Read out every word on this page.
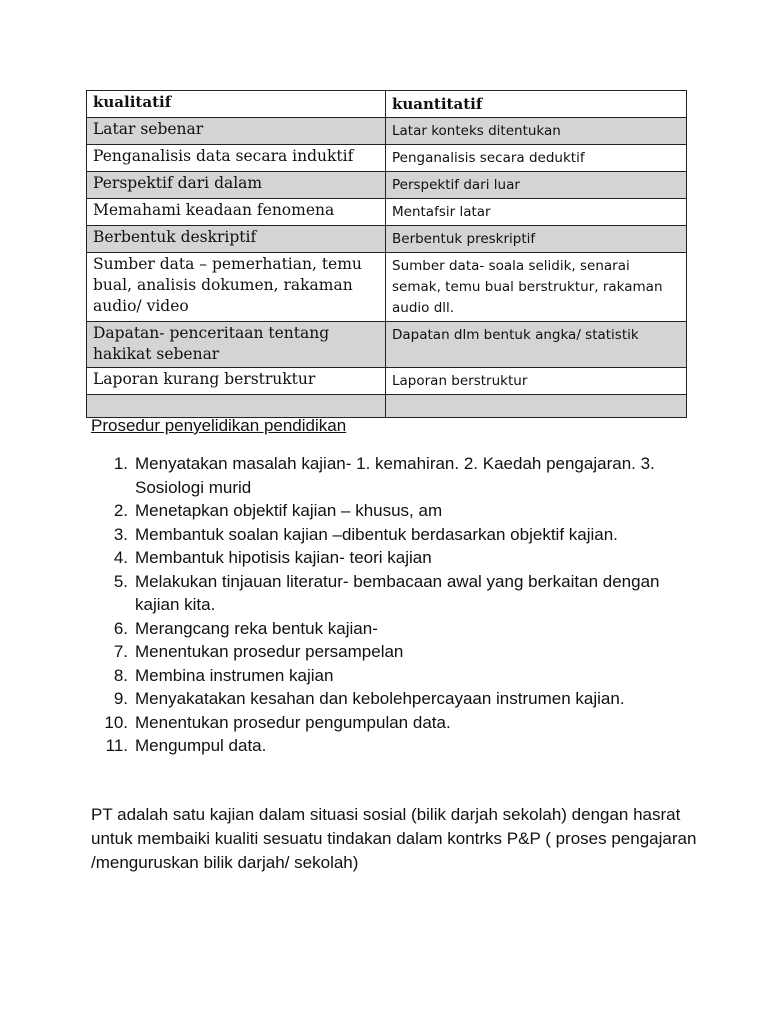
kualitatif	kuantitatif
Latar sebenar	Latar konteks ditentukan
Penganalisis data secara induktif	Penganalisis secara deduktif
Perspektif dari dalam	Perspektif dari luar
Memahami keadaan fenomena	Mentafsir latar
Berbentuk deskriptif	Berbentuk preskriptif
Sumber data – pemerhatian, temu bual, analisis dokumen, rakaman audio/ video	Sumber data- soala selidik, senarai semak, temu bual berstruktur, rakaman audio dll.
Dapatan- penceritaan tentang hakikat sebenar	Dapatan dlm bentuk angka/ statistik
Laporan kurang berstruktur	Laporan berstruktur

Prosedur penyelidikan pendidikan
1. Menyatakan masalah kajian- 1. kemahiran. 2. Kaedah pengajaran. 3. Sosiologi murid
2. Menetapkan objektif kajian – khusus, am
3. Membantuk soalan kajian –dibentuk berdasarkan objektif kajian.
4. Membantuk hipotisis kajian- teori kajian
5. Melakukan tinjauan literatur- bembacaan awal yang berkaitan dengan kajian kita.
6. Merangcang reka bentuk kajian-
7. Menentukan prosedur persampelan
8. Membina instrumen kajian
9. Menyakatakan kesahan dan kebolehpercayaan instrumen kajian.
10. Menentukan prosedur pengumpulan data.
11. Mengumpul data.

PT adalah satu kajian dalam situasi sosial (bilik darjah sekolah) dengan hasrat untuk membaiki kualiti sesuatu tindakan dalam kontrks P&P ( proses pengajaran /menguruskan bilik darjah/ sekolah)
